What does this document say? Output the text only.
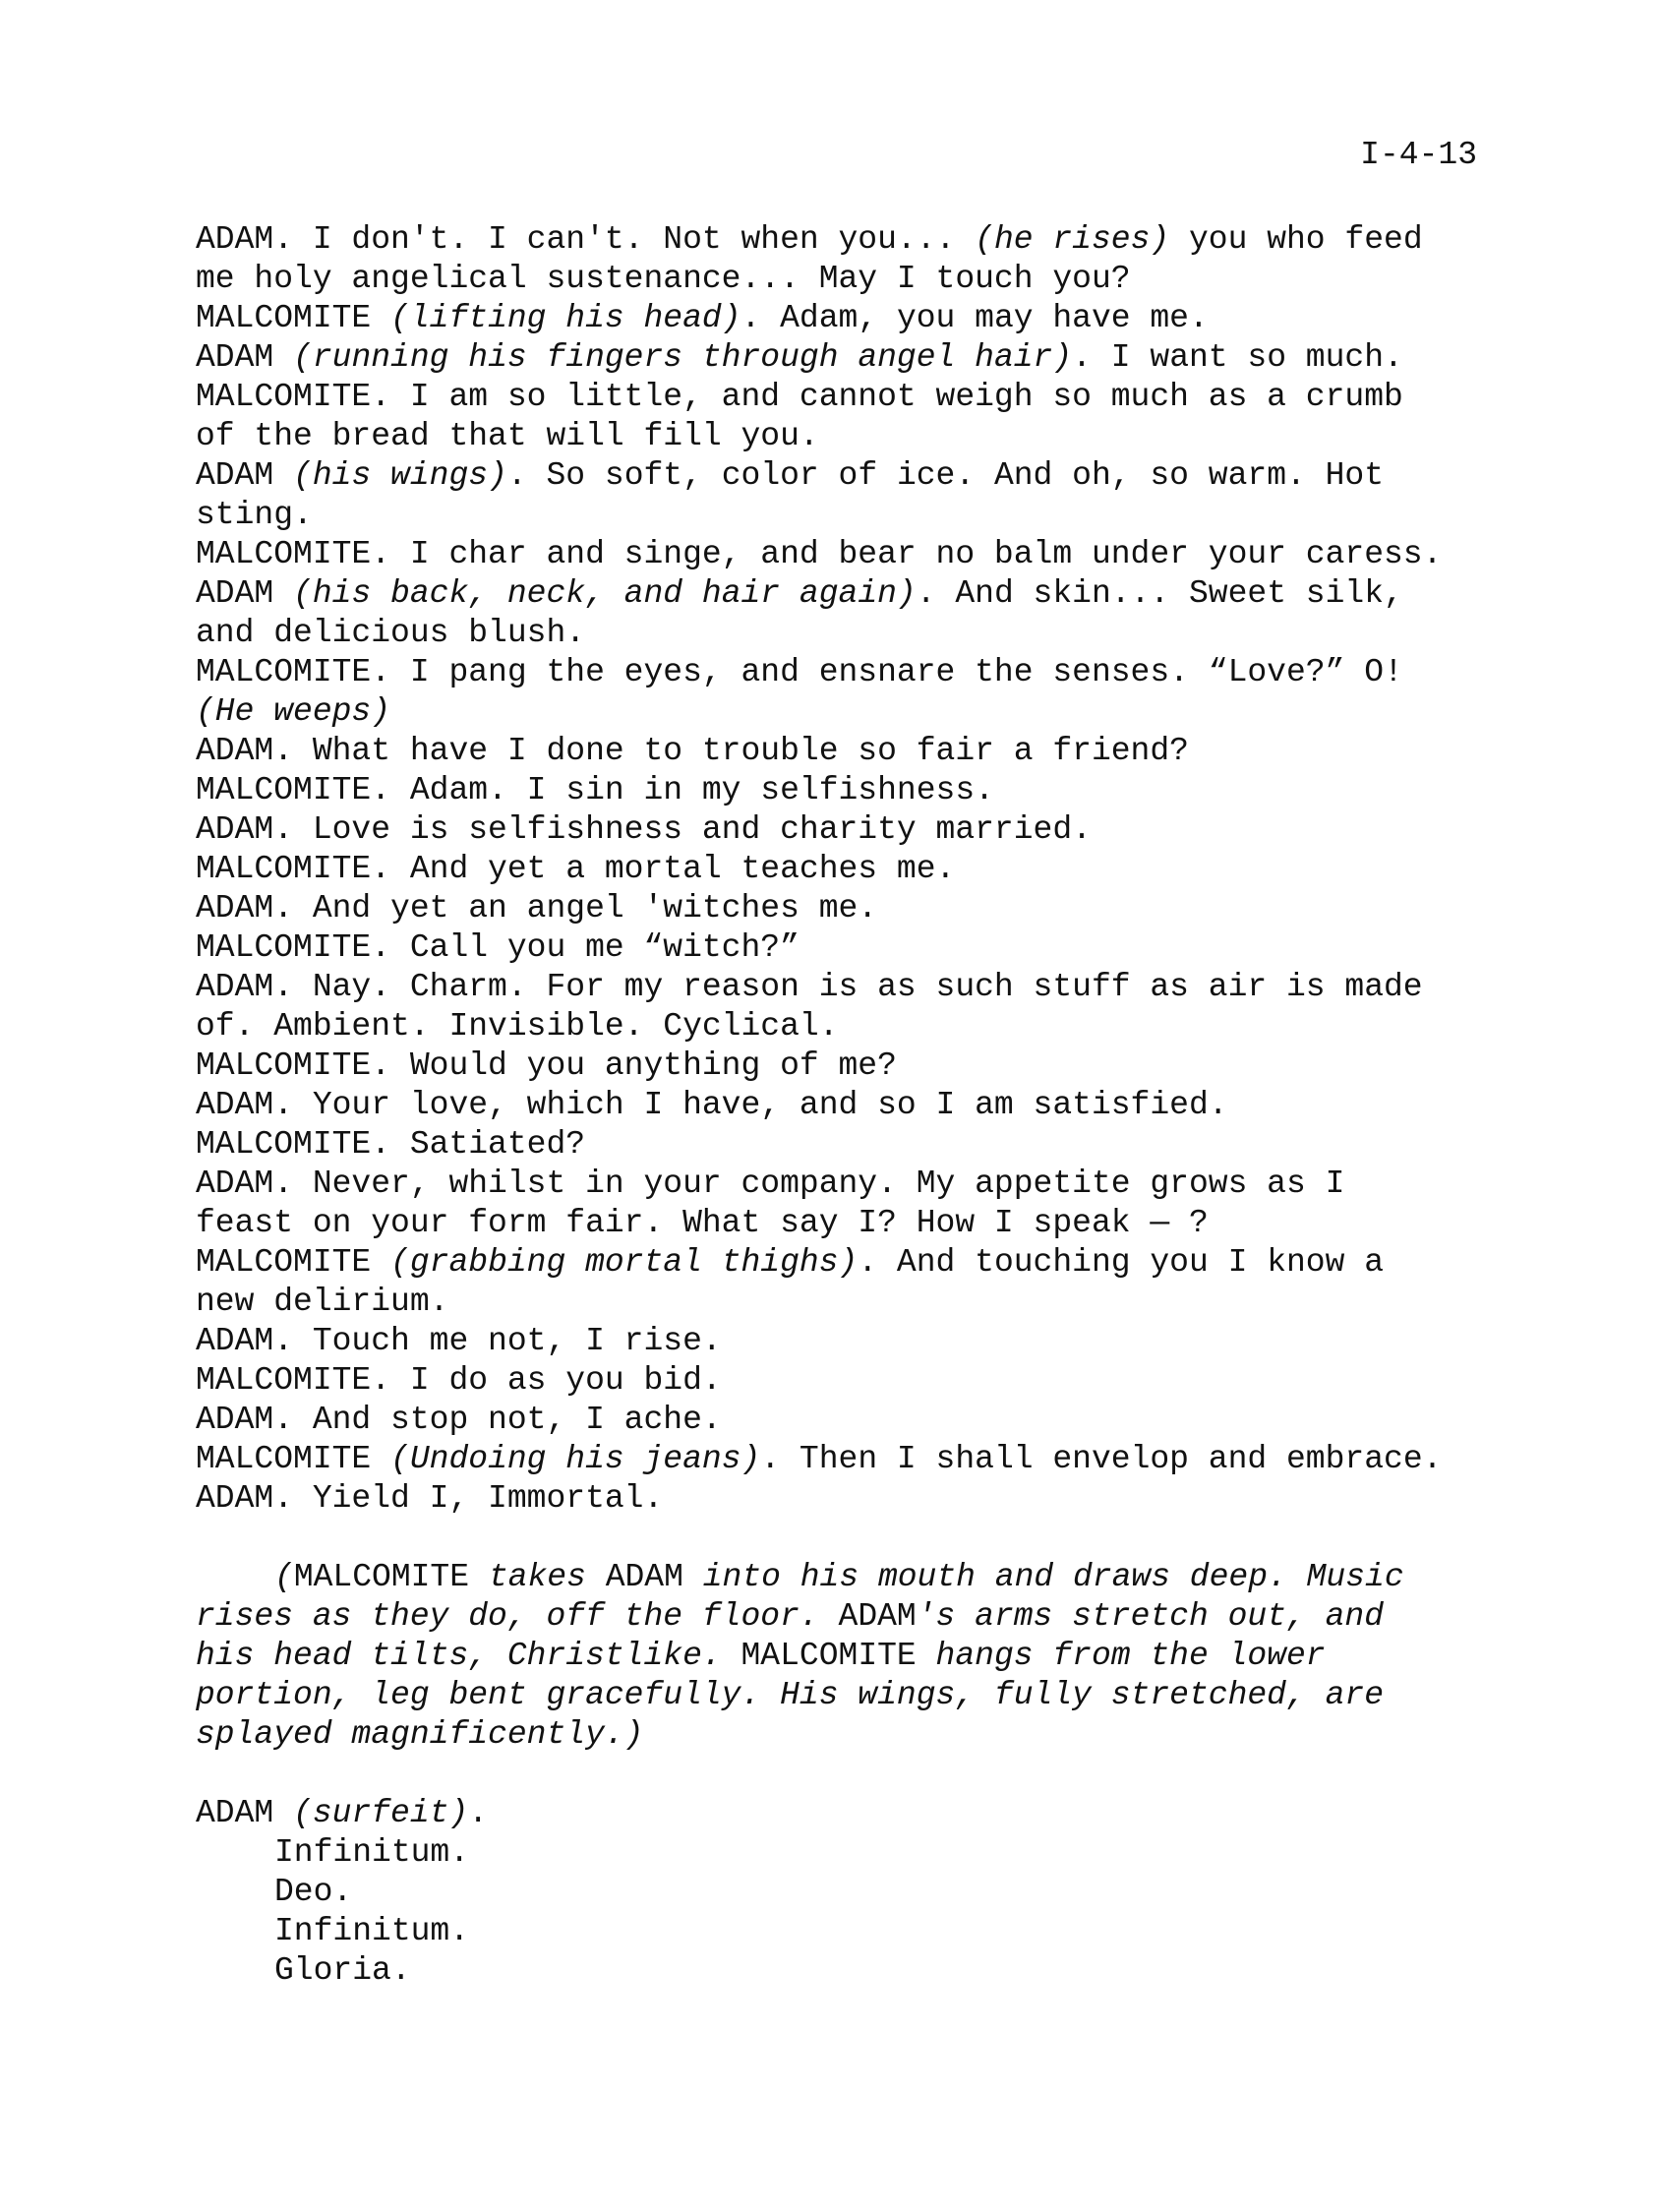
I-4-13
ADAM. I don't. I can't. Not when you... (he rises) you who feed
me holy angelical sustenance... May I touch you?
MALCOMITE (lifting his head). Adam, you may have me.
ADAM (running his fingers through angel hair). I want so much.
MALCOMITE. I am so little, and cannot weigh so much as a crumb
of the bread that will fill you.
ADAM (his wings). So soft, color of ice. And oh, so warm. Hot
sting.
MALCOMITE. I char and singe, and bear no balm under your caress.
ADAM (his back, neck, and hair again). And skin... Sweet silk,
and delicious blush.
MALCOMITE. I pang the eyes, and ensnare the senses. “Love?” O!
(He weeps)
ADAM. What have I done to trouble so fair a friend?
MALCOMITE. Adam. I sin in my selfishness.
ADAM. Love is selfishness and charity married.
MALCOMITE. And yet a mortal teaches me.
ADAM. And yet an angel 'witches me.
MALCOMITE. Call you me “witch?”
ADAM. Nay. Charm. For my reason is as such stuff as air is made
of. Ambient. Invisible. Cyclical.
MALCOMITE. Would you anything of me?
ADAM. Your love, which I have, and so I am satisfied.
MALCOMITE. Satiated?
ADAM. Never, whilst in your company. My appetite grows as I
feast on your form fair. What say I? How I speak — ?
MALCOMITE (grabbing mortal thighs). And touching you I know a
new delirium.
ADAM. Touch me not, I rise.
MALCOMITE. I do as you bid.
ADAM. And stop not, I ache.
MALCOMITE (Undoing his jeans). Then I shall envelop and embrace.
ADAM. Yield I, Immortal.
(MALCOMITE takes ADAM into his mouth and draws deep. Music
rises as they do, off the floor. ADAM's arms stretch out, and
his head tilts, Christlike. MALCOMITE hangs from the lower
portion, leg bent gracefully. His wings, fully stretched, are
splayed magnificently.)
ADAM (surfeit).
Infinitum.
Deo.
Infinitum.
Gloria.
